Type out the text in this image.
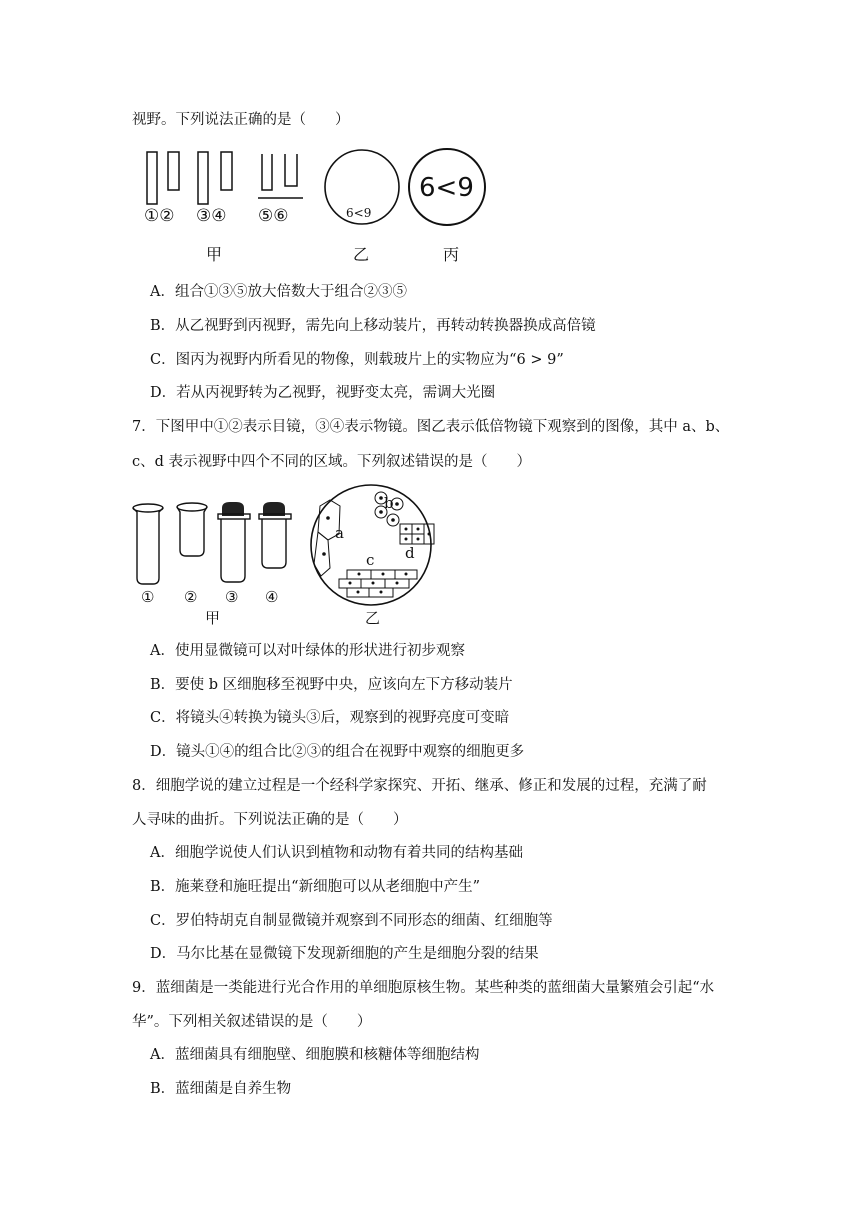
视野。下列说法正确的是（　　）
①② ③④ ⑤⑥	6<9
6<9
甲	乙	丙
A．组合①③⑤放大倍数大于组合②③⑤
B．从乙视野到丙视野，需先向上移动装片，再转动转换器换成高倍镜
C．图丙为视野内所看见的物像，则载玻片上的实物应为“6 > 9”
D．若从丙视野转为乙视野，视野变太亮，需调大光圈
7．下图甲中①②表示目镜，③④表示物镜。图乙表示低倍物镜下观察到的图像，其中 a、b、
c、d 表示视野中四个不同的区域。下列叙述错误的是（　　）
a
b
c d
① ② ③ ④
甲	乙
A．使用显微镜可以对叶绿体的形状进行初步观察
B．要使 b 区细胞移至视野中央，应该向左下方移动装片
C．将镜头④转换为镜头③后，观察到的视野亮度可变暗
D．镜头①④的组合比②③的组合在视野中观察的细胞更多
8．细胞学说的建立过程是一个经科学家探究、开拓、继承、修正和发展的过程，充满了耐
人寻味的曲折。下列说法正确的是（　　）
A．细胞学说使人们认识到植物和动物有着共同的结构基础
B．施莱登和施旺提出“新细胞可以从老细胞中产生”
C．罗伯特胡克自制显微镜并观察到不同形态的细菌、红细胞等
D．马尔比基在显微镜下发现新细胞的产生是细胞分裂的结果
9．蓝细菌是一类能进行光合作用的单细胞原核生物。某些种类的蓝细菌大量繁殖会引起“水
华”。下列相关叙述错误的是（　　）
A．蓝细菌具有细胞壁、细胞膜和核糖体等细胞结构
B．蓝细菌是自养生物
